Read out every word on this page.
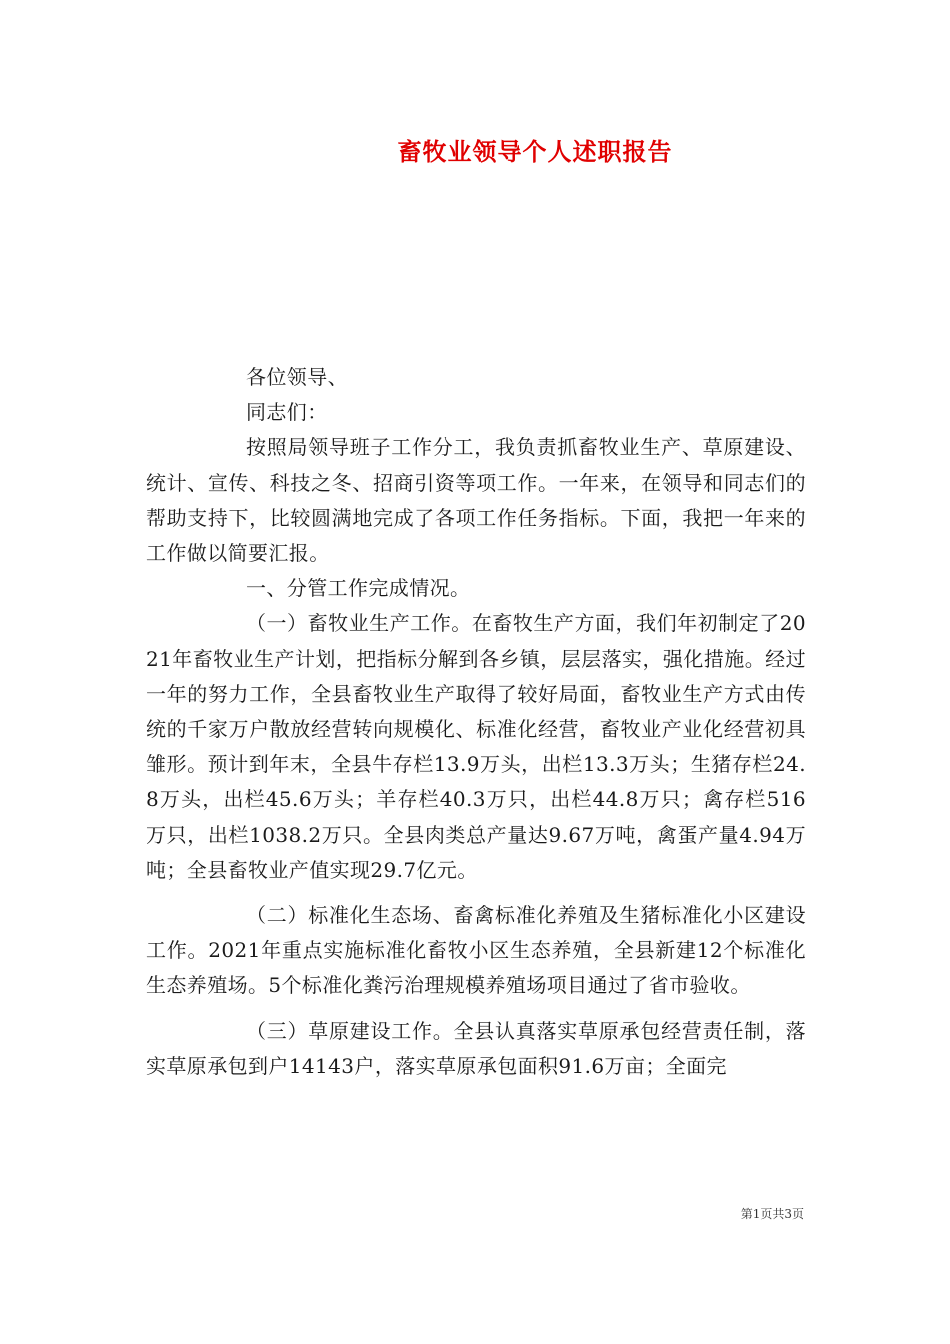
畜牧业领导个人述职报告

各位领导、

同志们：

按照局领导班子工作分工，我负责抓畜牧业生产、草原建设、统计、宣传、科技之冬、招商引资等项工作。一年来，在领导和同志们的帮助支持下，比较圆满地完成了各项工作任务指标。下面，我把一年来的工作做以简要汇报。

一、分管工作完成情况。

（一）畜牧业生产工作。在畜牧生产方面，我们年初制定了2021年畜牧业生产计划，把指标分解到各乡镇，层层落实，强化措施。经过一年的努力工作，全县畜牧业生产取得了较好局面，畜牧业生产方式由传统的千家万户散放经营转向规模化、标准化经营，畜牧业产业化经营初具雏形。预计到年末，全县牛存栏13.9万头，出栏13.3万头；生猪存栏24.8万头，出栏45.6万头；羊存栏40.3万只，出栏44.8万只；禽存栏516万只，出栏1038.2万只。全县肉类总产量达9.67万吨，禽蛋产量4.94万吨；全县畜牧业产值实现29.7亿元。

（二）标准化生态场、畜禽标准化养殖及生猪标准化小区建设工作。2021年重点实施标准化畜牧小区生态养殖，全县新建12个标准化生态养殖场。5个标准化粪污治理规模养殖场项目通过了省市验收。

（三）草原建设工作。全县认真落实草原承包经营责任制，落实草原承包到户14143户，落实草原承包面积91.6万亩；全面完

第1页共3页
